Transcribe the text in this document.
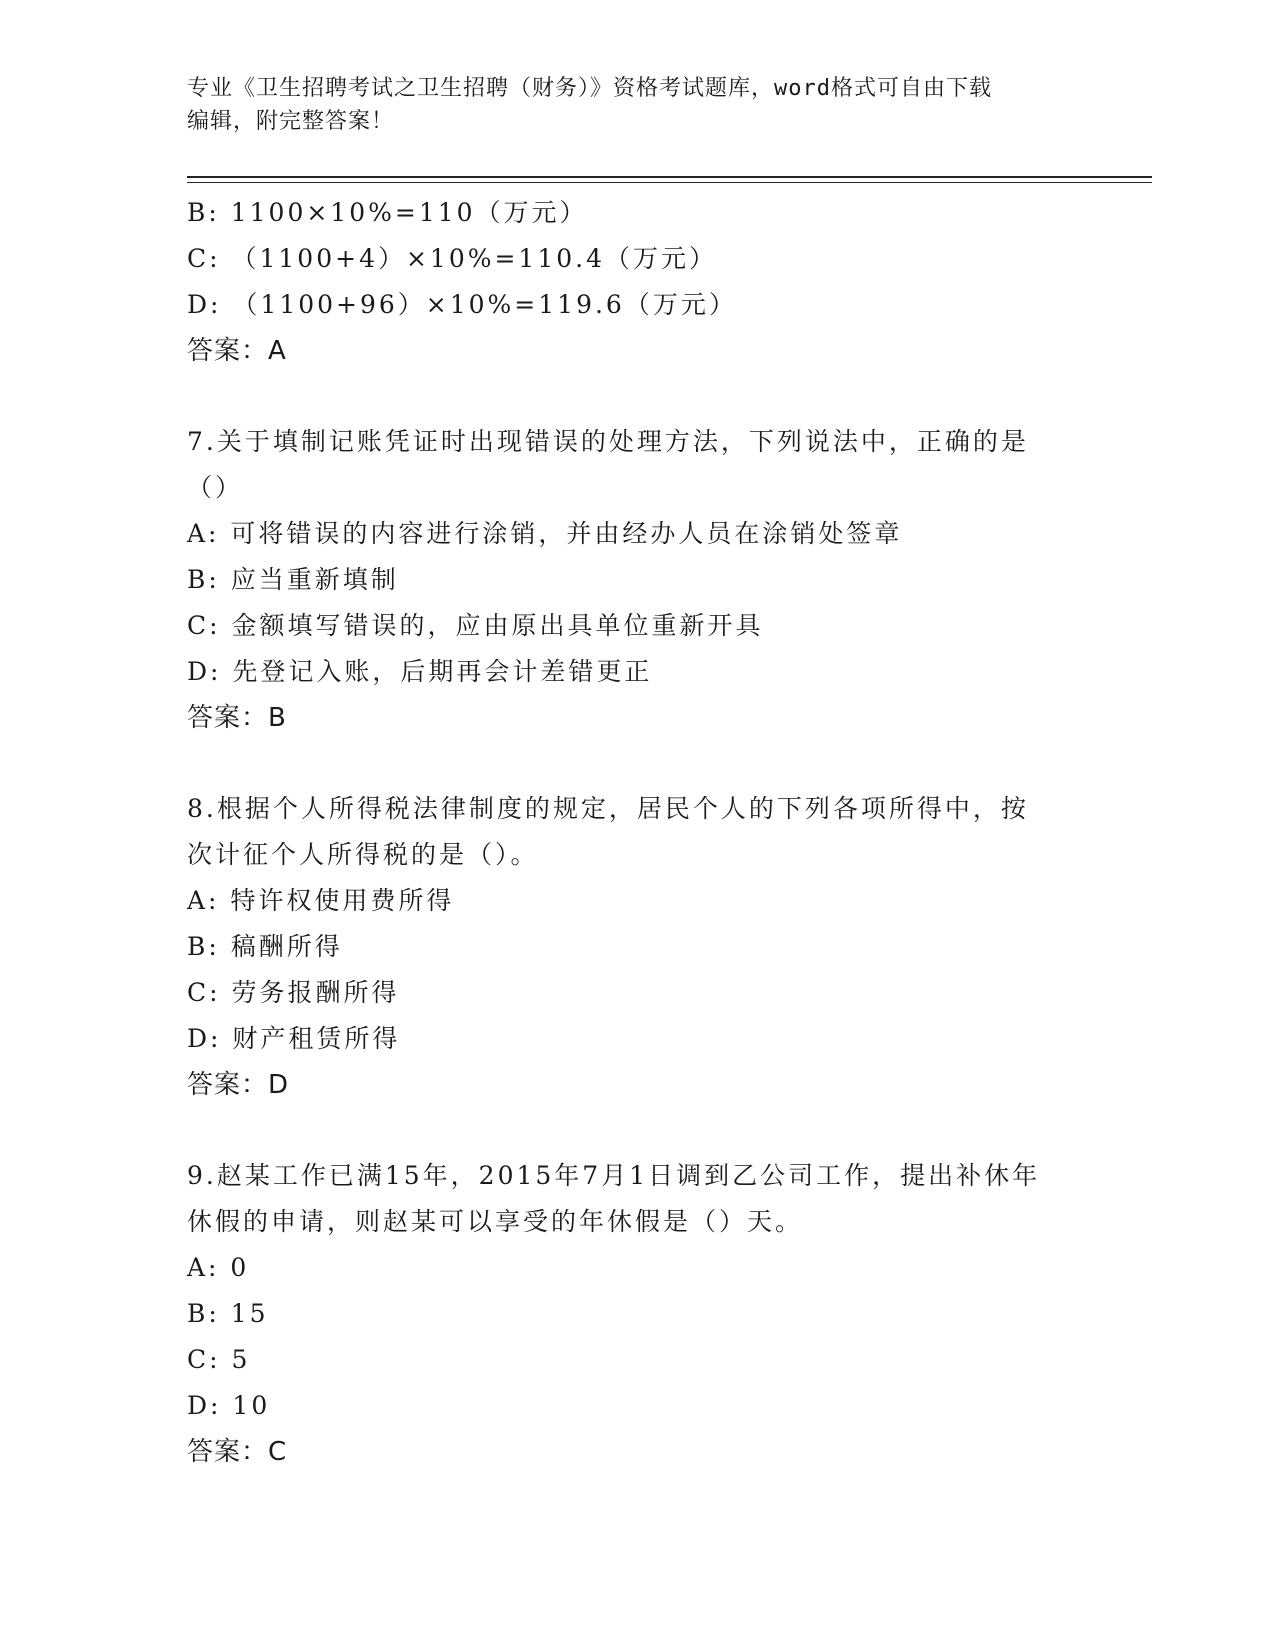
专业《卫生招聘考试之卫生招聘（财务）》资格考试题库，word格式可自由下载
编辑，附完整答案！
B: 1100×10%=110（万元）
C: （1100+4）×10%=110.4（万元）
D: （1100+96）×10%=119.6（万元）
答案：A
7.关于填制记账凭证时出现错误的处理方法，下列说法中，正确的是
（）
A: 可将错误的内容进行涂销，并由经办人员在涂销处签章
B: 应当重新填制
C: 金额填写错误的，应由原出具单位重新开具
D: 先登记入账，后期再会计差错更正
答案：B
8.根据个人所得税法律制度的规定，居民个人的下列各项所得中，按
次计征个人所得税的是（）。
A: 特许权使用费所得
B: 稿酬所得
C: 劳务报酬所得
D: 财产租赁所得
答案：D
9.赵某工作已满15年，2015年7月1日调到乙公司工作，提出补休年
休假的申请，则赵某可以享受的年休假是（）天。
A: 0
B: 15
C: 5
D: 10
答案：C
